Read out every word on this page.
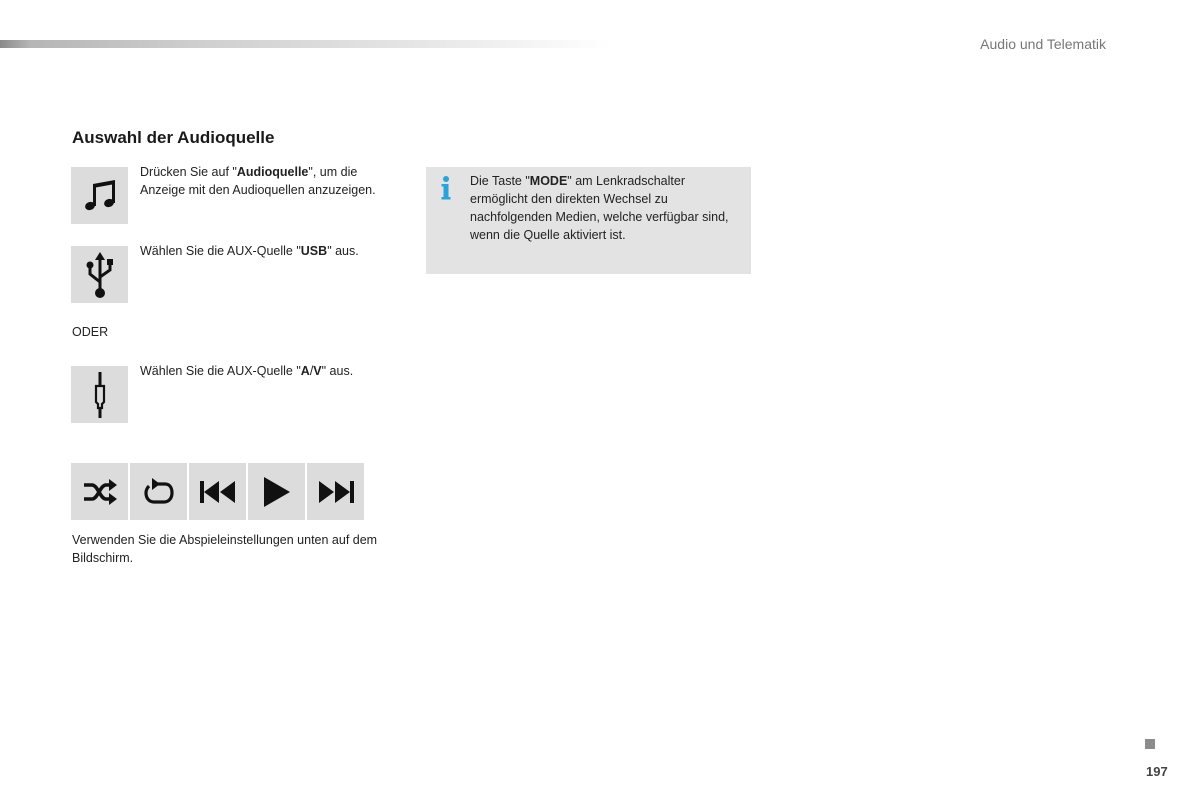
Audio und Telematik
Auswahl der Audioquelle
Drücken Sie auf "Audioquelle", um die Anzeige mit den Audioquellen anzuzeigen.
Wählen Sie die AUX-Quelle "USB" aus.
ODER
Wählen Sie die AUX-Quelle "A/V" aus.
Die Taste "MODE" am Lenkradschalter ermöglicht den direkten Wechsel zu nachfolgenden Medien, welche verfügbar sind, wenn die Quelle aktiviert ist.
Verwenden Sie die Abspieleinstellungen unten auf dem Bildschirm.
197
